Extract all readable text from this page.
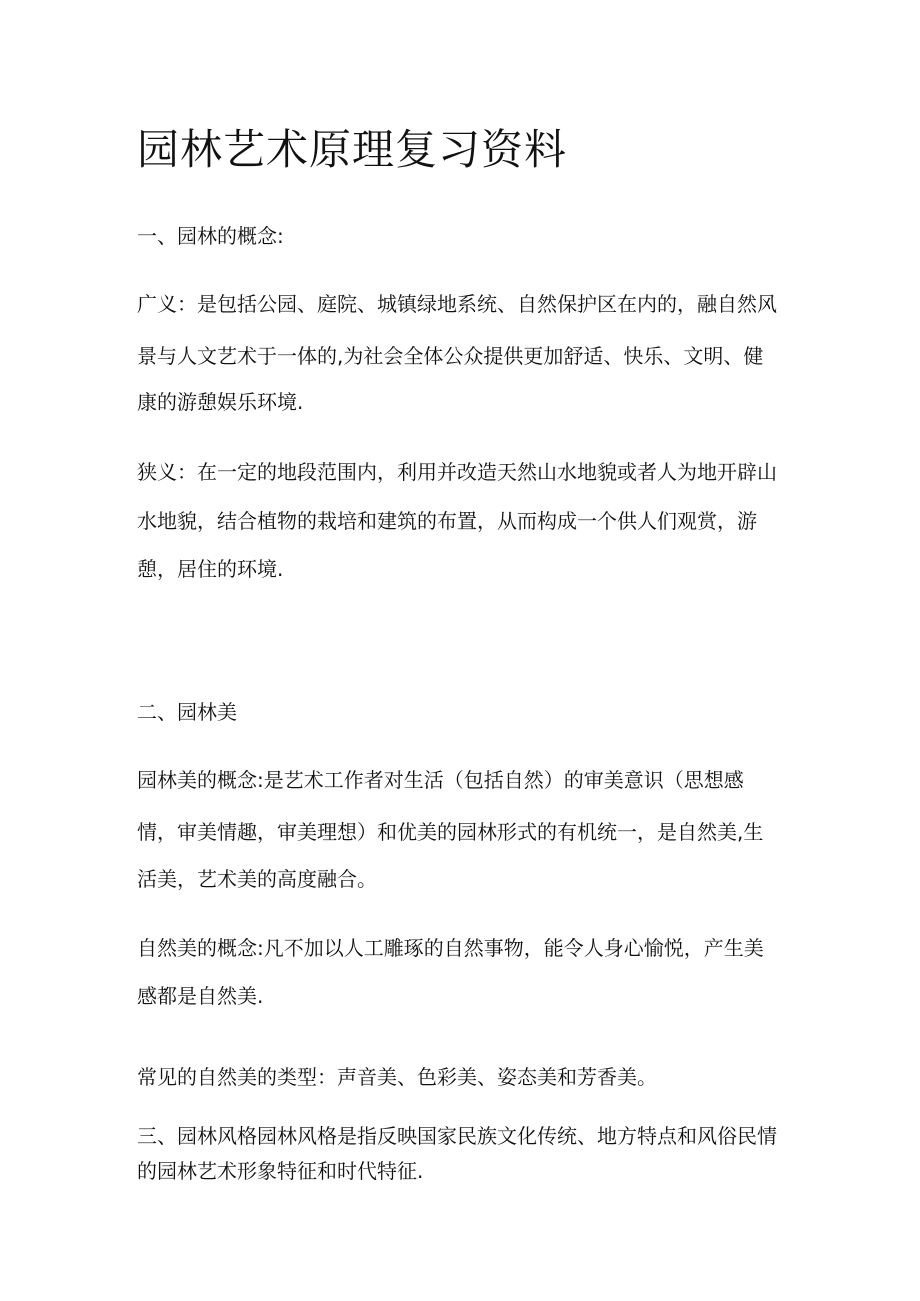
园林艺术原理复习资料

一、园林的概念:

广义：是包括公园、庭院、城镇绿地系统、自然保护区在内的，融自然风

景与人文艺术于一体的,为社会全体公众提供更加舒适、快乐、文明、健

康的游憩娱乐环境.

狭义：在一定的地段范围内，利用并改造天然山水地貌或者人为地开辟山

水地貌，结合植物的栽培和建筑的布置，从而构成一个供人们观赏，游

憩，居住的环境.

二、园林美

园林美的概念:是艺术工作者对生活（包括自然）的审美意识（思想感

情，审美情趣，审美理想）和优美的园林形式的有机统一，是自然美,生

活美，艺术美的高度融合。

自然美的概念:凡不加以人工雕琢的自然事物，能令人身心愉悦，产生美

感都是自然美.

常见的自然美的类型：声音美、色彩美、姿态美和芳香美。

三、园林风格园林风格是指反映国家民族文化传统、地方特点和风俗民情

的园林艺术形象特征和时代特征.
